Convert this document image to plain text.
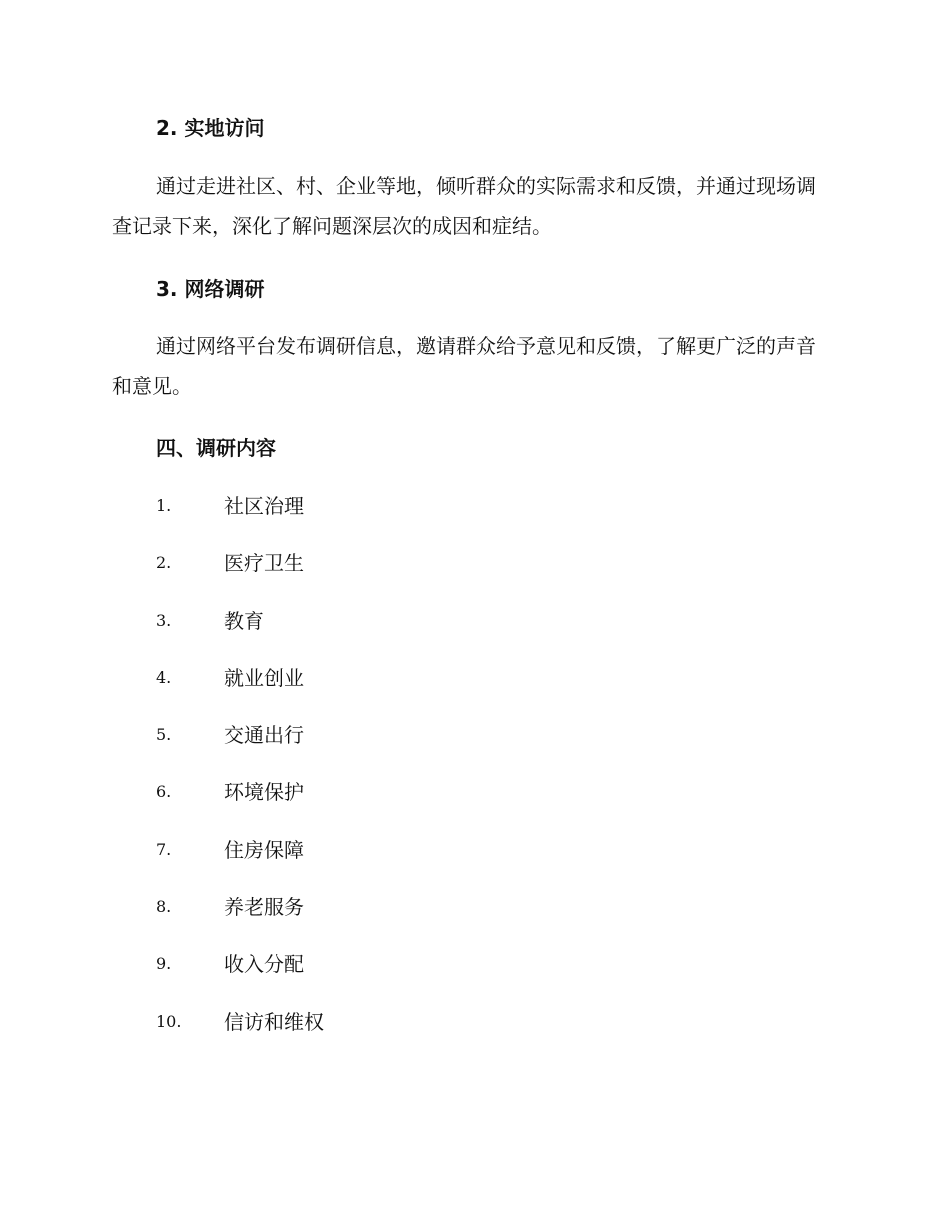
2. 实地访问
通过走进社区、村、企业等地，倾听群众的实际需求和反馈，并通过现场调查记录下来，深化了解问题深层次的成因和症结。
3. 网络调研
通过网络平台发布调研信息，邀请群众给予意见和反馈，了解更广泛的声音和意见。
四、调研内容
1.	社区治理
2.	医疗卫生
3.	教育
4.	就业创业
5.	交通出行
6.	环境保护
7.	住房保障
8.	养老服务
9.	收入分配
10. 信访和维权
